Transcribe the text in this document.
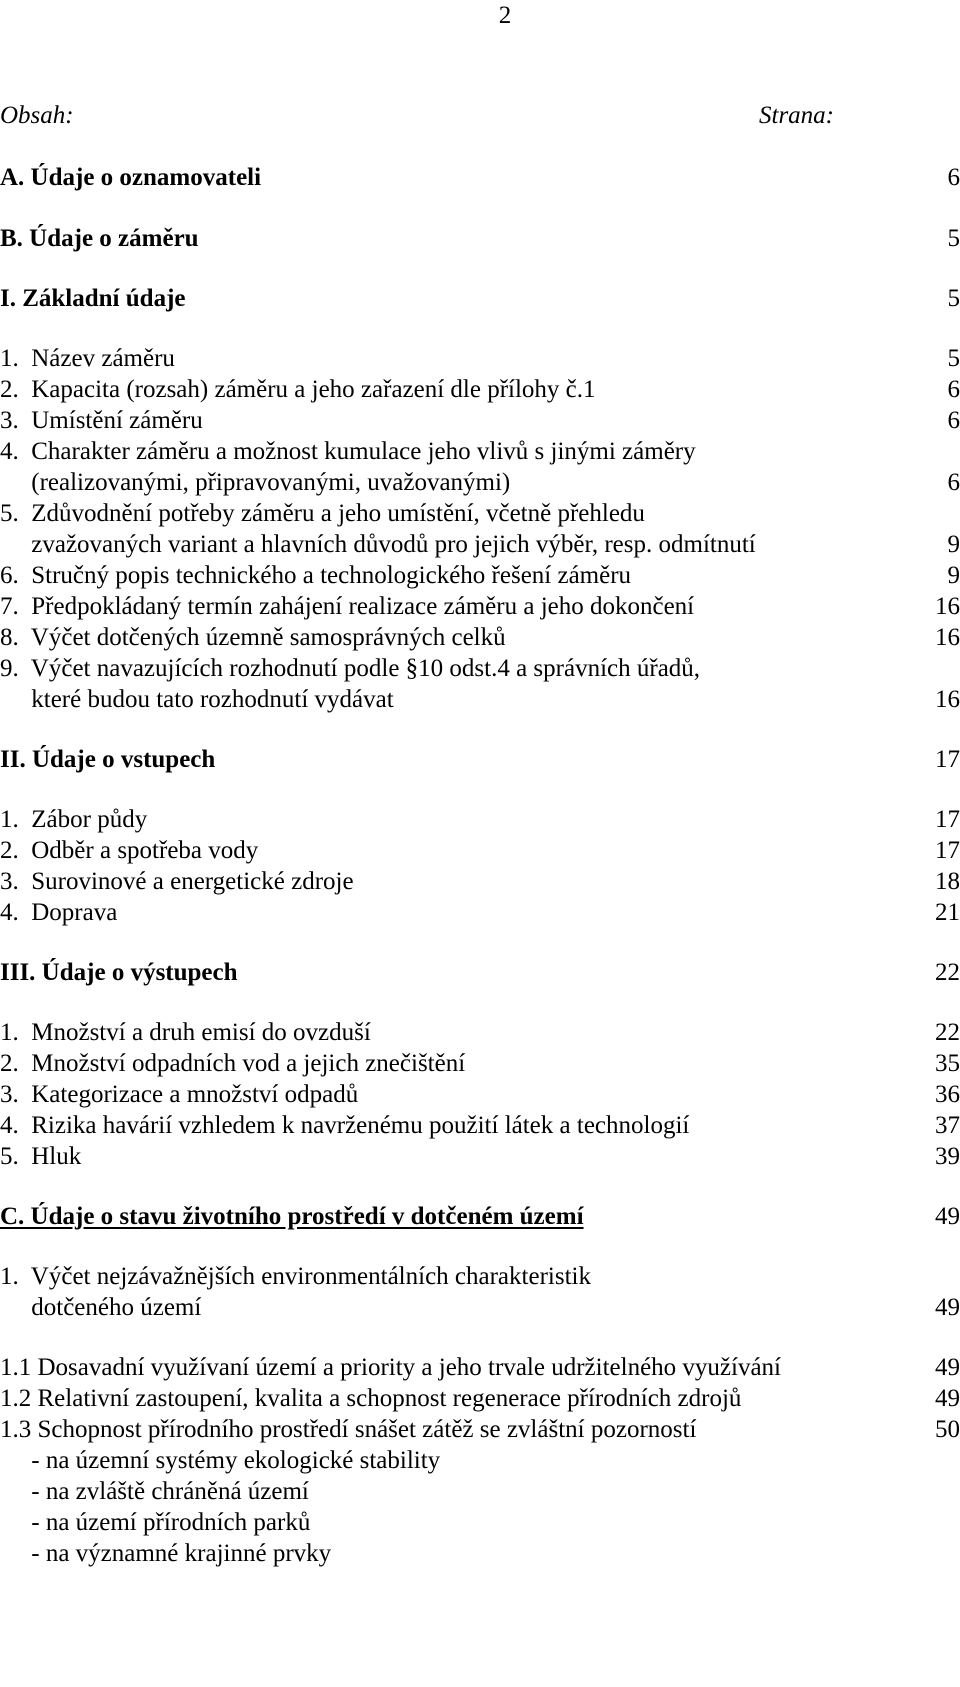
2
Obsah:	Strana:
A. Údaje o oznamovateli	6
B. Údaje o záměru	5
I. Základní údaje	5
1.  Název záměru	5
2.  Kapacita (rozsah) záměru a jeho zařazení dle přílohy č.1	6
3.  Umístění záměru	6
4.  Charakter záměru a možnost kumulace jeho vlivů s jinými záměry
(realizovanými, připravovanými, uvažovanými)	6
5.  Zdůvodnění potřeby záměru a jeho umístění, včetně přehledu
zvažovaných variant a hlavních důvodů pro jejich výběr, resp. odmítnutí	9
6.  Stručný popis technického a technologického řešení záměru	9
7.  Předpokládaný termín zahájení realizace záměru a jeho dokončení	16
8.  Výčet dotčených územně samosprávných celků	16
9.  Výčet navazujících rozhodnutí podle §10 odst.4 a správních úřadů,
které budou tato rozhodnutí vydávat	16
II. Údaje o vstupech	17
1.  Zábor půdy	17
2.  Odběr a spotřeba vody	17
3.  Surovinové a energetické zdroje	18
4.  Doprava	21
III. Údaje o výstupech	22
1.  Množství a druh emisí do ovzduší	22
2.  Množství odpadních vod a jejich znečištění	35
3.  Kategorizace a množství odpadů	36
4.  Rizika havárií vzhledem k navrženému použití látek a technologií	37
5.  Hluk	39
C. Údaje o stavu životního prostředí v dotčeném území	49
1.  Výčet nejzávažnějších environmentálních charakteristik
dotčeného území	49
1.1 Dosavadní využívaní území a priority a jeho trvale udržitelného využívání	49
1.2 Relativní zastoupení, kvalita a schopnost regenerace přírodních zdrojů	49
1.3 Schopnost přírodního prostředí snášet zátěž se zvláštní pozorností	50
- na územní systémy ekologické stability
- na zvláště chráněná území
- na území přírodních parků
- na významné krajinné prvky
